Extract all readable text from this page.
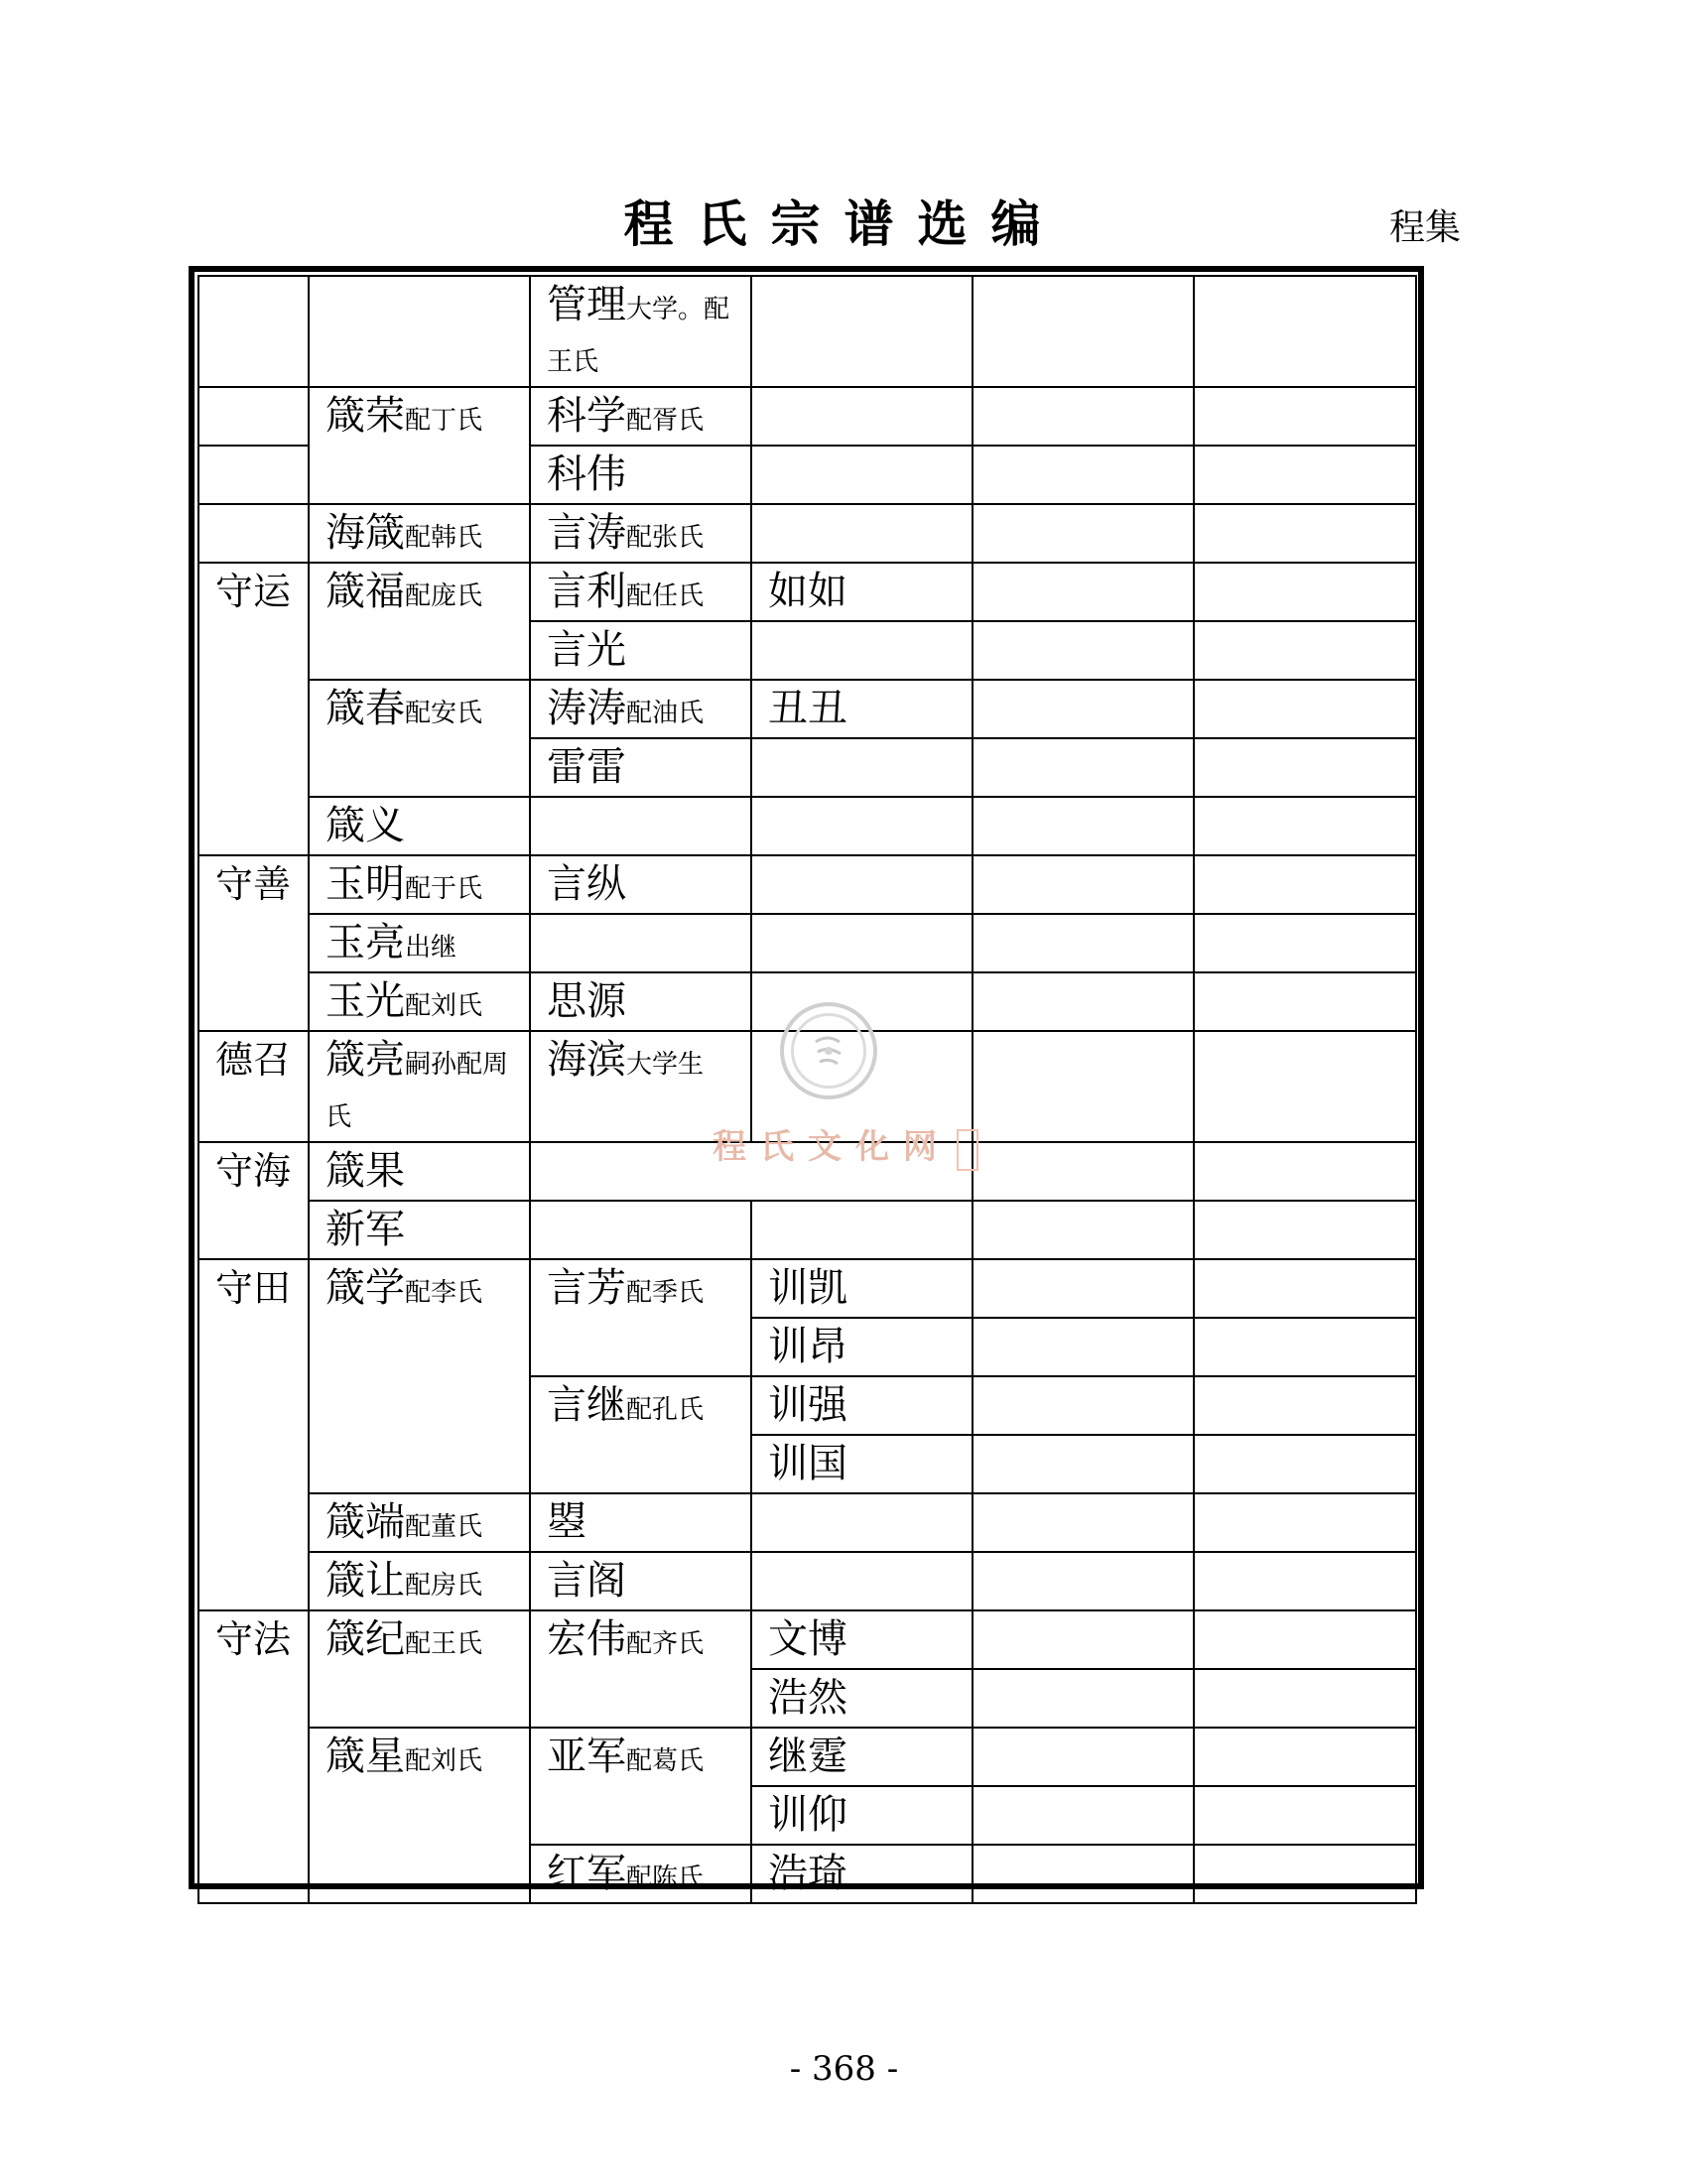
程氏宗谱选编	程集
		管理大学。配王氏			
	箴荣配丁氏	科学配胥氏			
		科伟			
	海箴配韩氏	言涛配张氏			
守运	箴福配庞氏	言利配任氏	如如		
		言光			
	箴春配安氏	涛涛配油氏	丑丑		
		雷雷			
	箴义				
守善	玉明配于氏	言纵			
	玉亮出继				
	玉光配刘氏	思源			
德召	箴亮嗣孙配周氏	海滨大学生			
守海	箴果				
	新军				
守田	箴学配李氏	言芳配季氏	训凯		
			训昂		
		言继配孔氏	训强		
			训国		
	箴端配董氏	曌			
	箴让配房氏	言阁			
守法	箴纪配王氏	宏伟配齐氏	文博		
			浩然		
	箴星配刘氏	亚军配葛氏	继霆		
			训仰		
		红军配陈氏	浩琦		
程氏文化网
- 368 -
